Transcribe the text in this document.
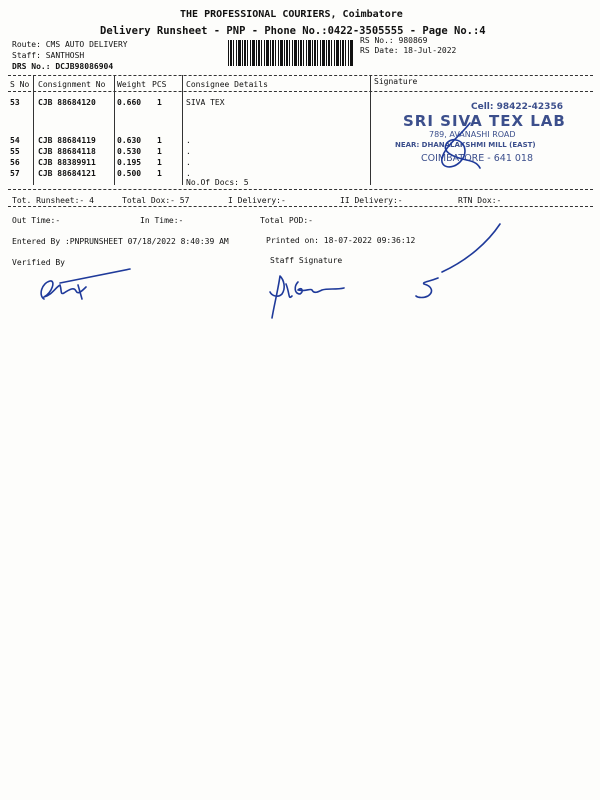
THE PROFESSIONAL COURIERS, Coimbatore
Delivery Runsheet - PNP - Phone No.:0422-3505555 - Page No.:4
Route: CMS AUTO DELIVERY
Staff: SANTHOSH
DRS No.: DCJB98086904
RS No.: 980869
RS Date: 18-Jul-2022
S No Consignment No Weight PCS Consignee Details	Signature
53 CJB 88684120	0.660 1	SIVA TEX
54 CJB 88684119	0.630 1	.
55 CJB 88684118	0.530 1	.
56 CJB 88389911	0.195 1	.
57 CJB 88684121	0.500 1	.
No.Of Docs: 5
Cell: 98422-42356
SRI SIVA TEX LAB
789, AVANASHI ROAD
NEAR: DHANALAKSHMI MILL (EAST)
COIMBATORE - 641 018
Tot. Runsheet:- 4	Total Dox:- 57	I Delivery:-	II Delivery:-	RTN Dox:-
Out Time:-	In Time:-	Total POD:-
Entered By :PNPRUNSHEET 07/18/2022 8:40:39 AM	Printed on: 18-07-2022 09:36:12
Verified By	Staff Signature
